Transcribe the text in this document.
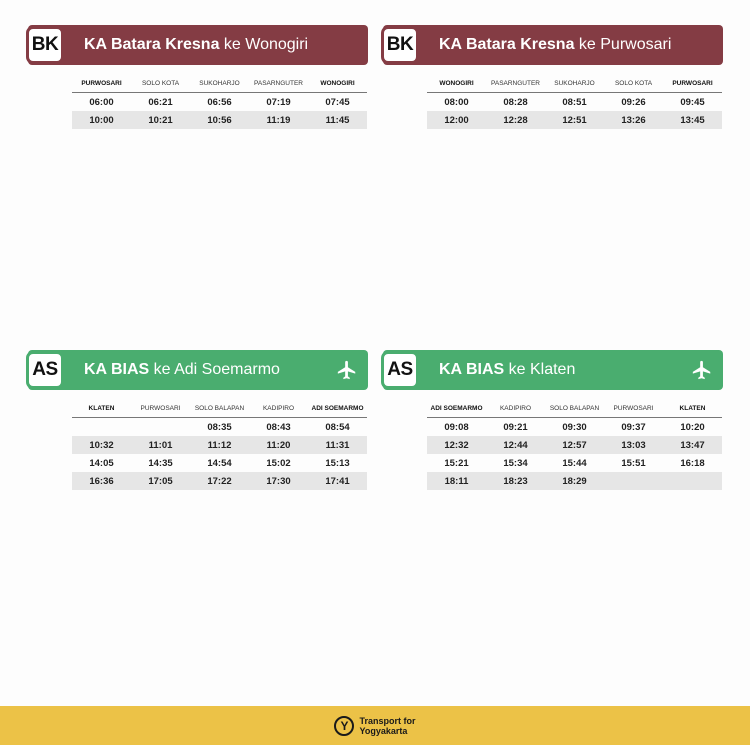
BK KA Batara Kresna ke Wonogiri
PURWOSARI	SOLO KOTA	SUKOHARJO	PASARNGUTER	WONOGIRI
06:00	06:21	06:56	07:19	07:45
10:00	10:21	10:56	11:19	11:45
BK KA Batara Kresna ke Purwosari
WONOGIRI	PASARNGUTER	SUKOHARJO	SOLO KOTA	PURWOSARI
08:00	08:28	08:51	09:26	09:45
12:00	12:28	12:51	13:26	13:45
AS KA BIAS ke Adi Soemarmo
KLATEN	PURWOSARI	SOLO BALAPAN	KADIPIRO	ADI SOEMARMO
		08:35	08:43	08:54
10:32	11:01	11:12	11:20	11:31
14:05	14:35	14:54	15:02	15:13
16:36	17:05	17:22	17:30	17:41
AS KA BIAS ke Klaten
ADI SOEMARMO	KADIPIRO	SOLO BALAPAN	PURWOSARI	KLATEN
09:08	09:21	09:30	09:37	10:20
12:32	12:44	12:57	13:03	13:47
15:21	15:34	15:44	15:51	16:18
18:11	18:23	18:29		
Y	Transport for
Yogyakarta
